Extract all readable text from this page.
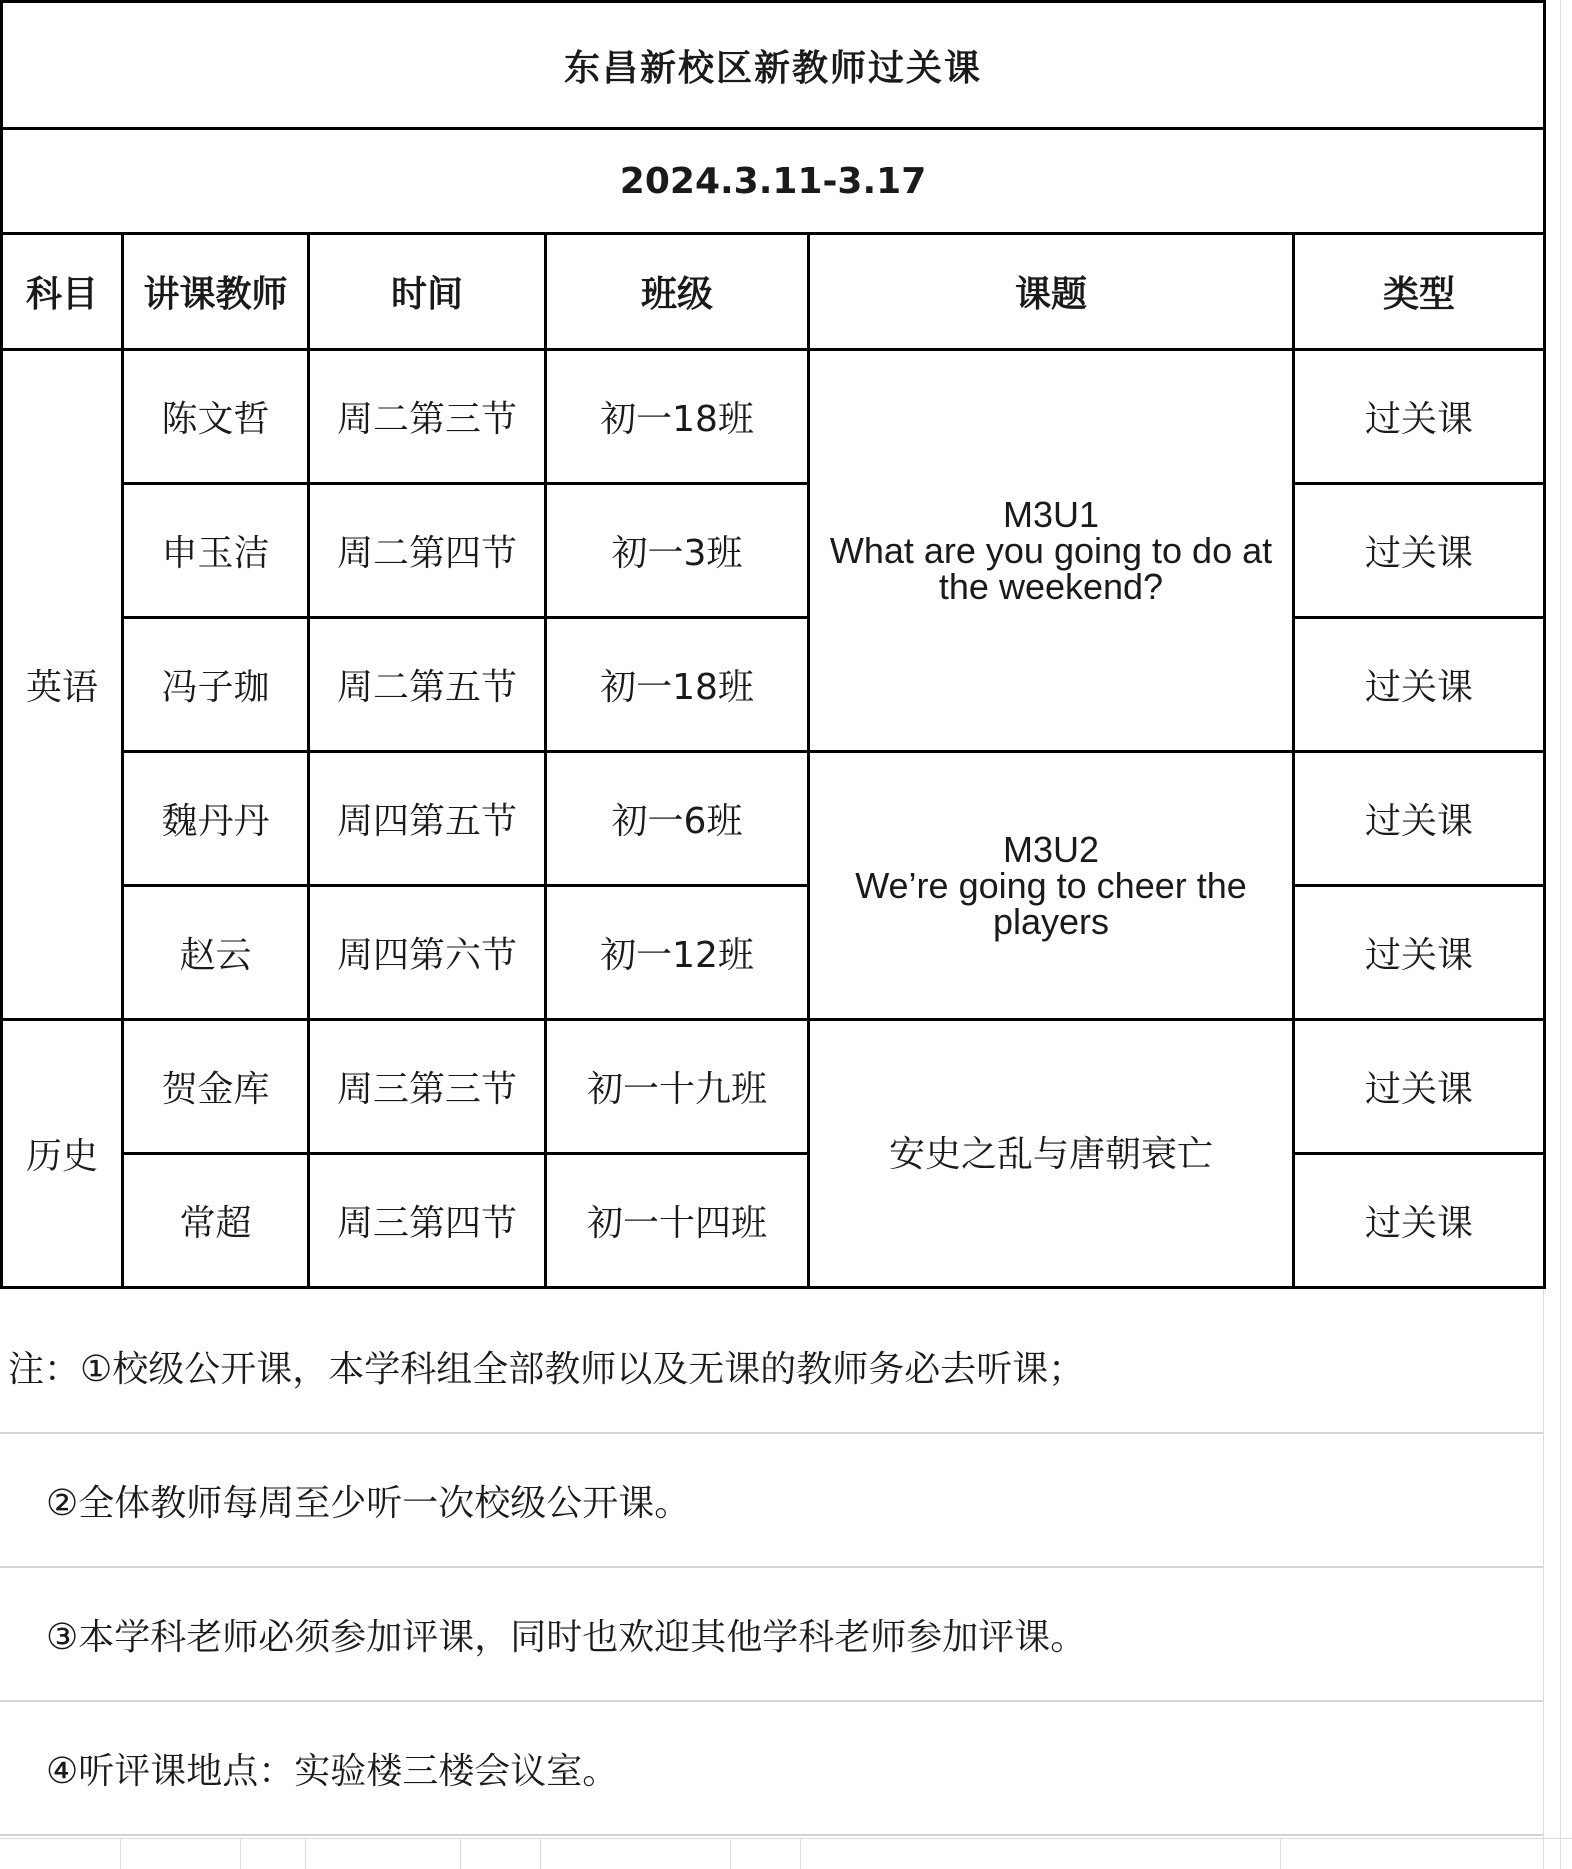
东昌新校区新教师过关课					
2024.3.11-3.17					
科目	讲课教师	时间	班级	课题	类型
英语	陈文哲	周二第三节	初一18班	M3U1
What are you going to do at
the weekend?	过关课
	申玉洁	周二第四节	初一3班		过关课
	冯子珈	周二第五节	初一18班		过关课
	魏丹丹	周四第五节	初一6班	M3U2
We’re going to cheer the
players	过关课
	赵云	周四第六节	初一12班		过关课
历史	贺金库	周三第三节	初一十九班	安史之乱与唐朝衰亡	过关课
	常超	周三第四节	初一十四班		过关课
注：①校级公开课，本学科组全部教师以及无课的教师务必去听课；
②全体教师每周至少听一次校级公开课。
③本学科老师必须参加评课，同时也欢迎其他学科老师参加评课。
④听评课地点：实验楼三楼会议室。
